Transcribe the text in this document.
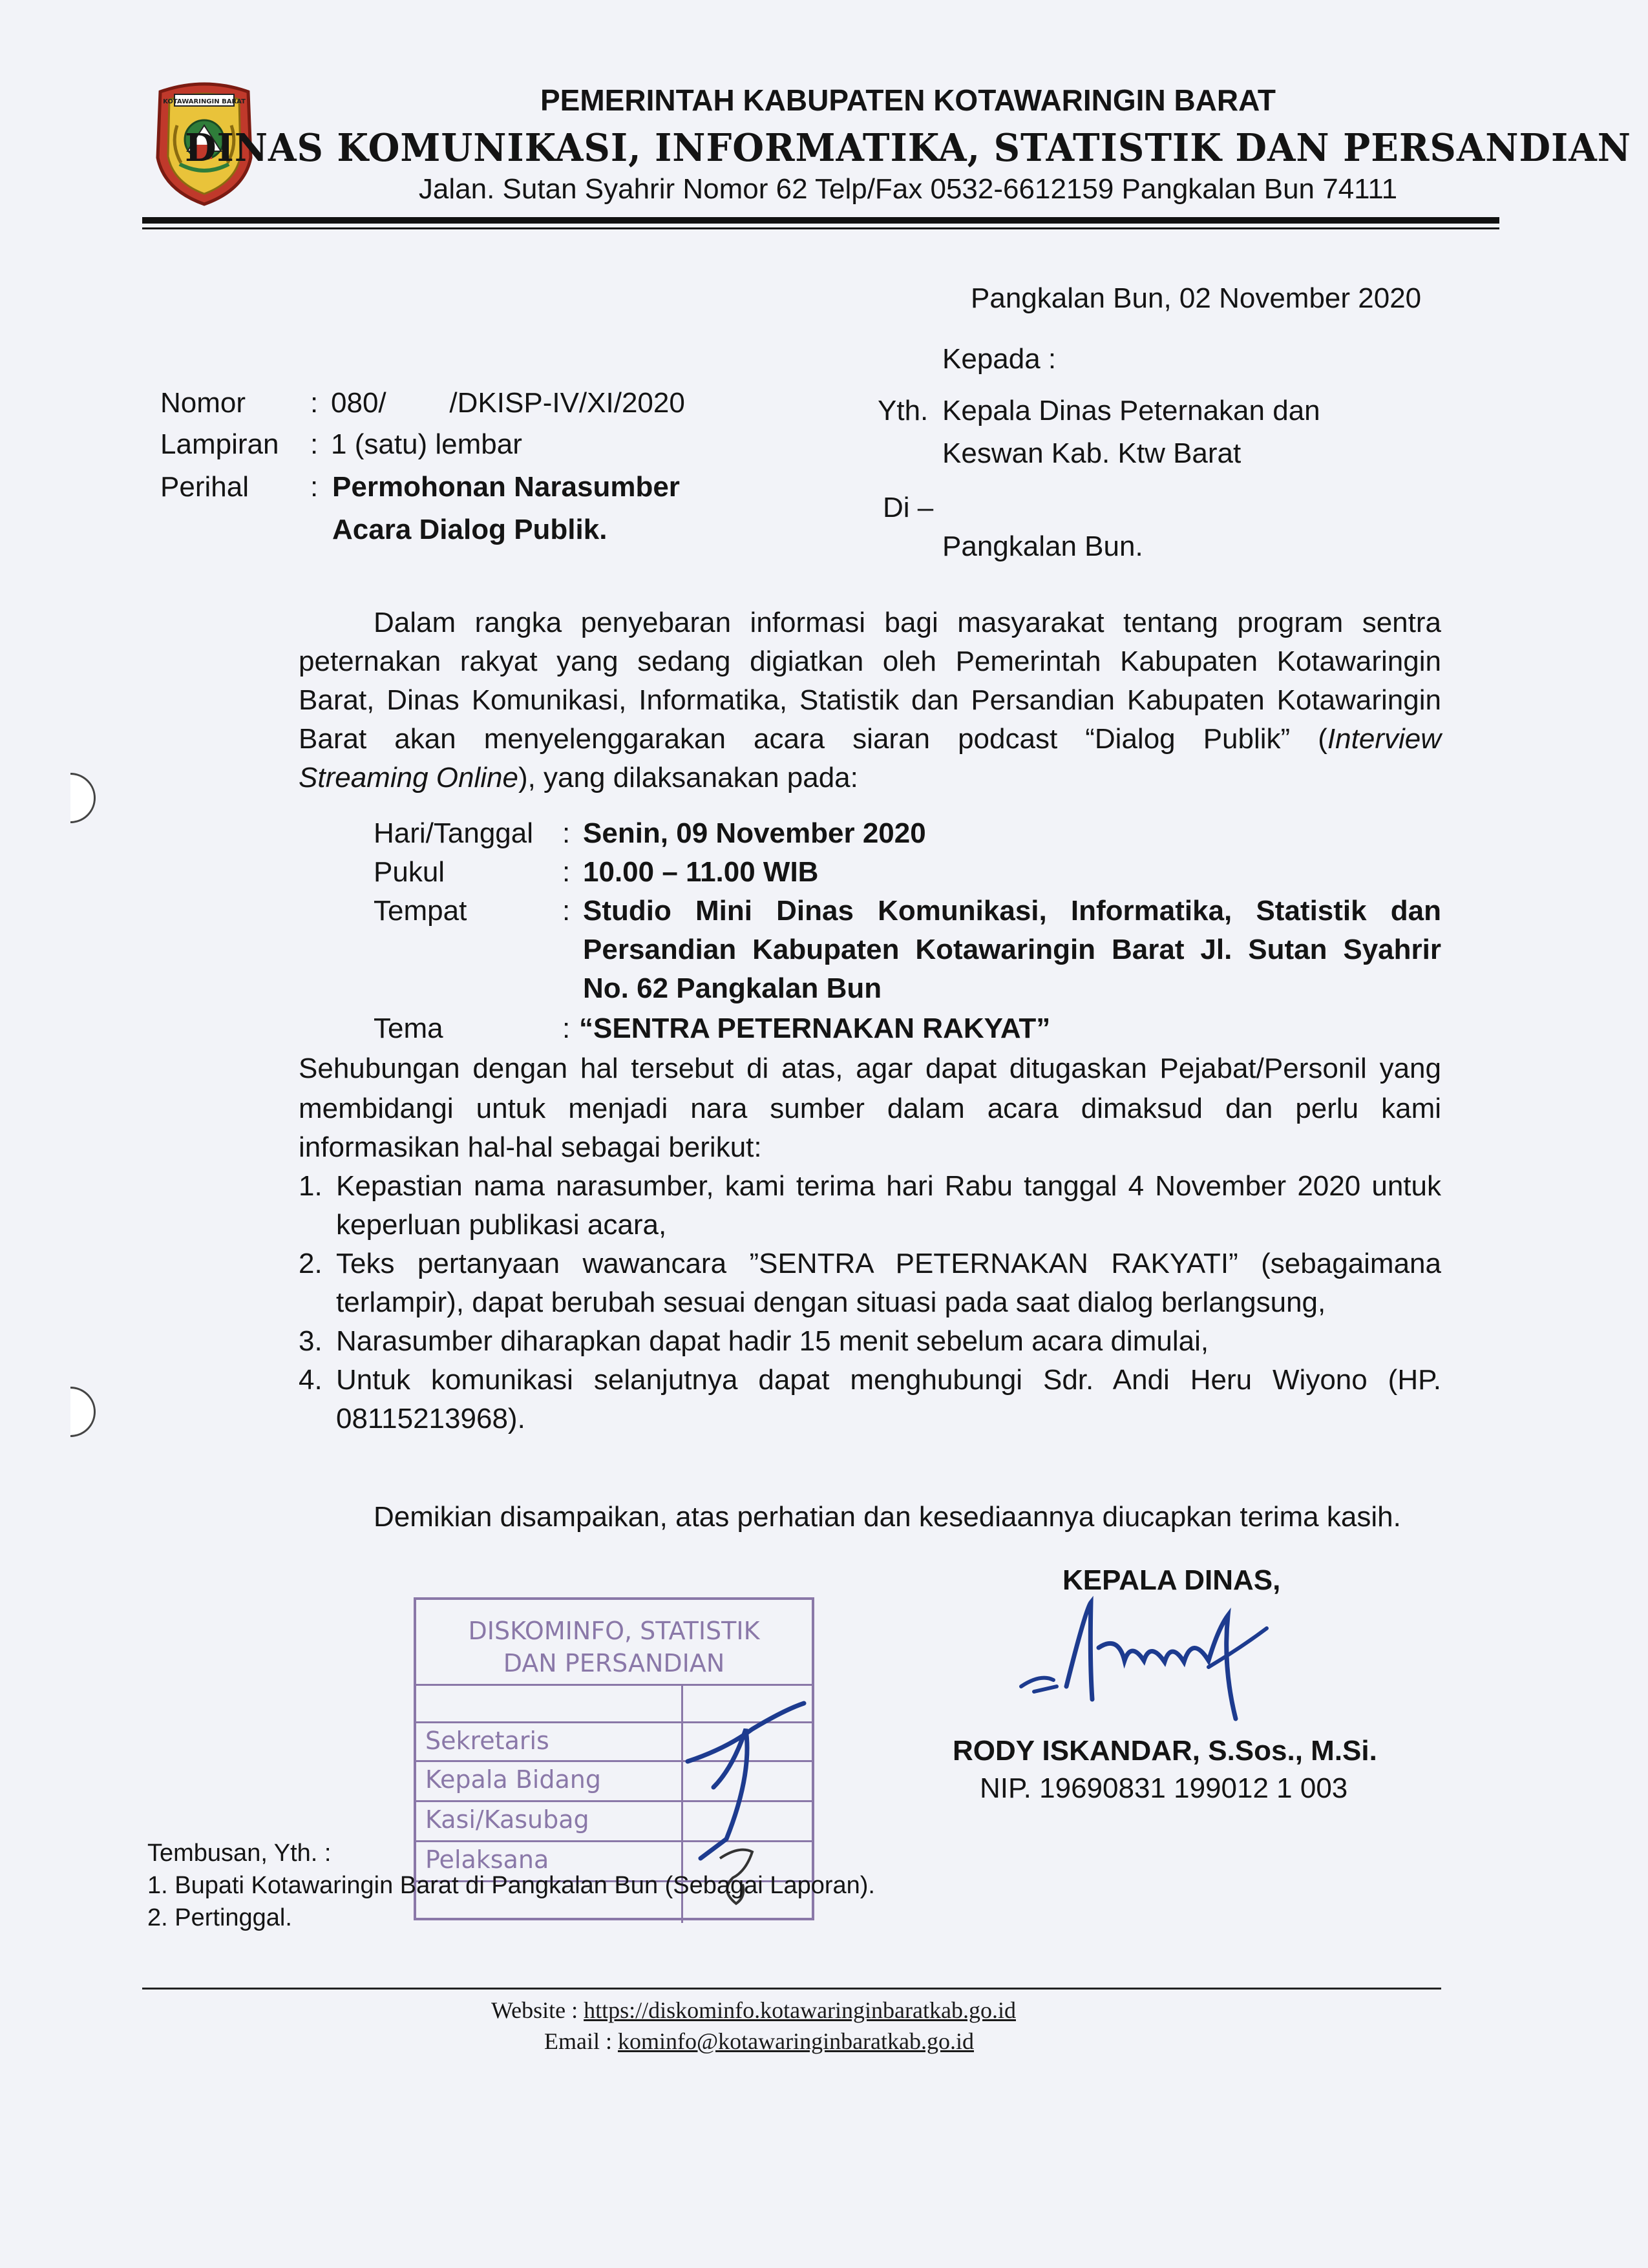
KOTAWARINGIN BARAT	PEMERINTAH KABUPATEN KOTAWARINGIN BARAT
DINAS KOMUNIKASI, INFORMATIKA, STATISTIK DAN PERSANDIAN
Jalan. Sutan Syahrir Nomor 62 Telp/Fax 0532-6612159 Pangkalan Bun 74111
Pangkalan Bun, 02 November 2020
Kepada :
Yth. Kepala Dinas Peternakan dan
Keswan Kab. Ktw Barat
Di –
Pangkalan Bun.
Nomor : 080/        /DKISP-IV/XI/2020
Lampiran : 1 (satu) lembar
Perihal : Permohonan Narasumber
Acara Dialog Publik.
Dalam rangka penyebaran informasi bagi masyarakat tentang program sentra
peternakan rakyat yang sedang digiatkan oleh Pemerintah Kabupaten Kotawaringin
Barat, Dinas Komunikasi, Informatika, Statistik dan Persandian Kabupaten Kotawaringin
Barat akan menyelenggarakan acara siaran podcast “Dialog Publik” (Interview
Streaming Online), yang dilaksanakan pada:
Hari/Tanggal : Senin, 09 November 2020
Pukul	: 10.00 – 11.00 WIB
Tempat	: Studio Mini Dinas Komunikasi, Informatika, Statistik dan
Persandian Kabupaten Kotawaringin Barat Jl. Sutan Syahrir
No. 62 Pangkalan Bun
Tema	: “SENTRA PETERNAKAN RAKYAT”
Sehubungan dengan hal tersebut di atas, agar dapat ditugaskan Pejabat/Personil yang
membidangi untuk menjadi nara sumber dalam acara dimaksud dan perlu kami
informasikan hal-hal sebagai berikut:
1. Kepastian nama narasumber, kami terima hari Rabu tanggal 4 November 2020 untuk
keperluan publikasi acara,
2. Teks pertanyaan wawancara ”SENTRA PETERNAKAN RAKYATI” (sebagaimana
terlampir), dapat berubah sesuai dengan situasi pada saat dialog berlangsung,
3. Narasumber diharapkan dapat hadir 15 menit sebelum acara dimulai,
4. Untuk komunikasi selanjutnya dapat menghubungi Sdr. Andi Heru Wiyono (HP.
08115213968).
Demikian disampaikan, atas perhatian dan kesediaannya diucapkan terima kasih.
KEPALA DINAS,
RODY ISKANDAR, S.Sos., M.Si.
NIP. 19690831 199012 1 003
DISKOMINFO, STATISTIK
DAN PERSANDIAN
Sekretaris
Kepala Bidang
Kasi/Kasubag
Pelaksana
Tembusan, Yth. :
1. Bupati Kotawaringin Barat di Pangkalan Bun (Sebagai Laporan).
2. Pertinggal.
Website : https://diskominfo.kotawaringinbaratkab.go.id
Email : kominfo@kotawaringinbaratkab.go.id
